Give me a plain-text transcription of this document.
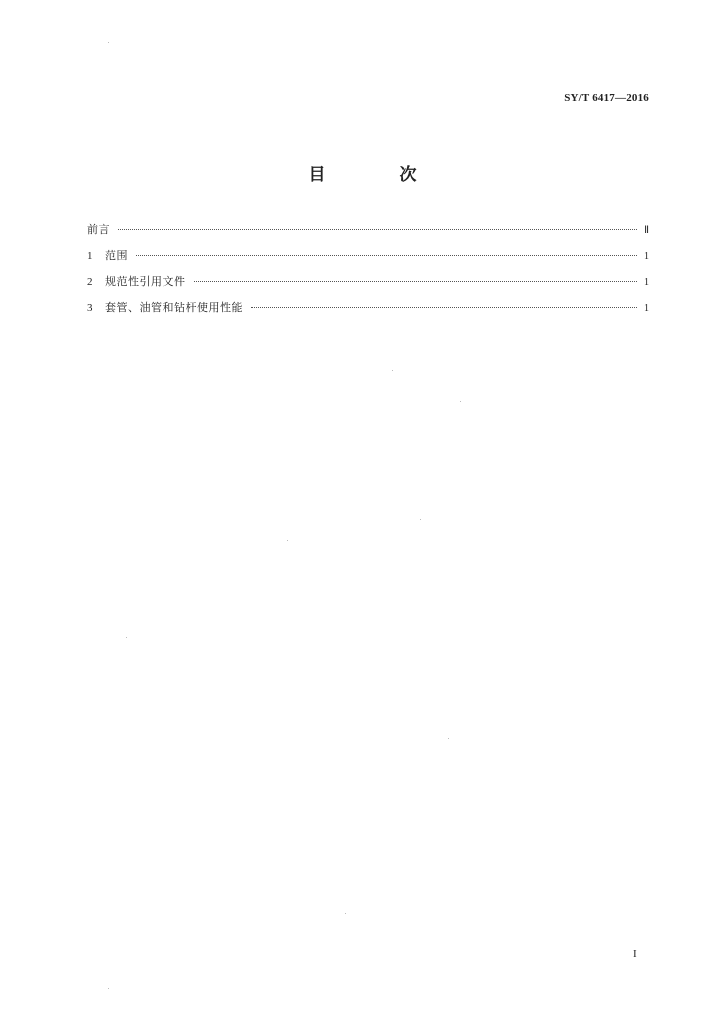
SY/T 6417—2016
目 次
前言	Ⅱ
1	范围	1
2	规范性引用文件	1
3	套管、油管和钻杆使用性能	1
I
